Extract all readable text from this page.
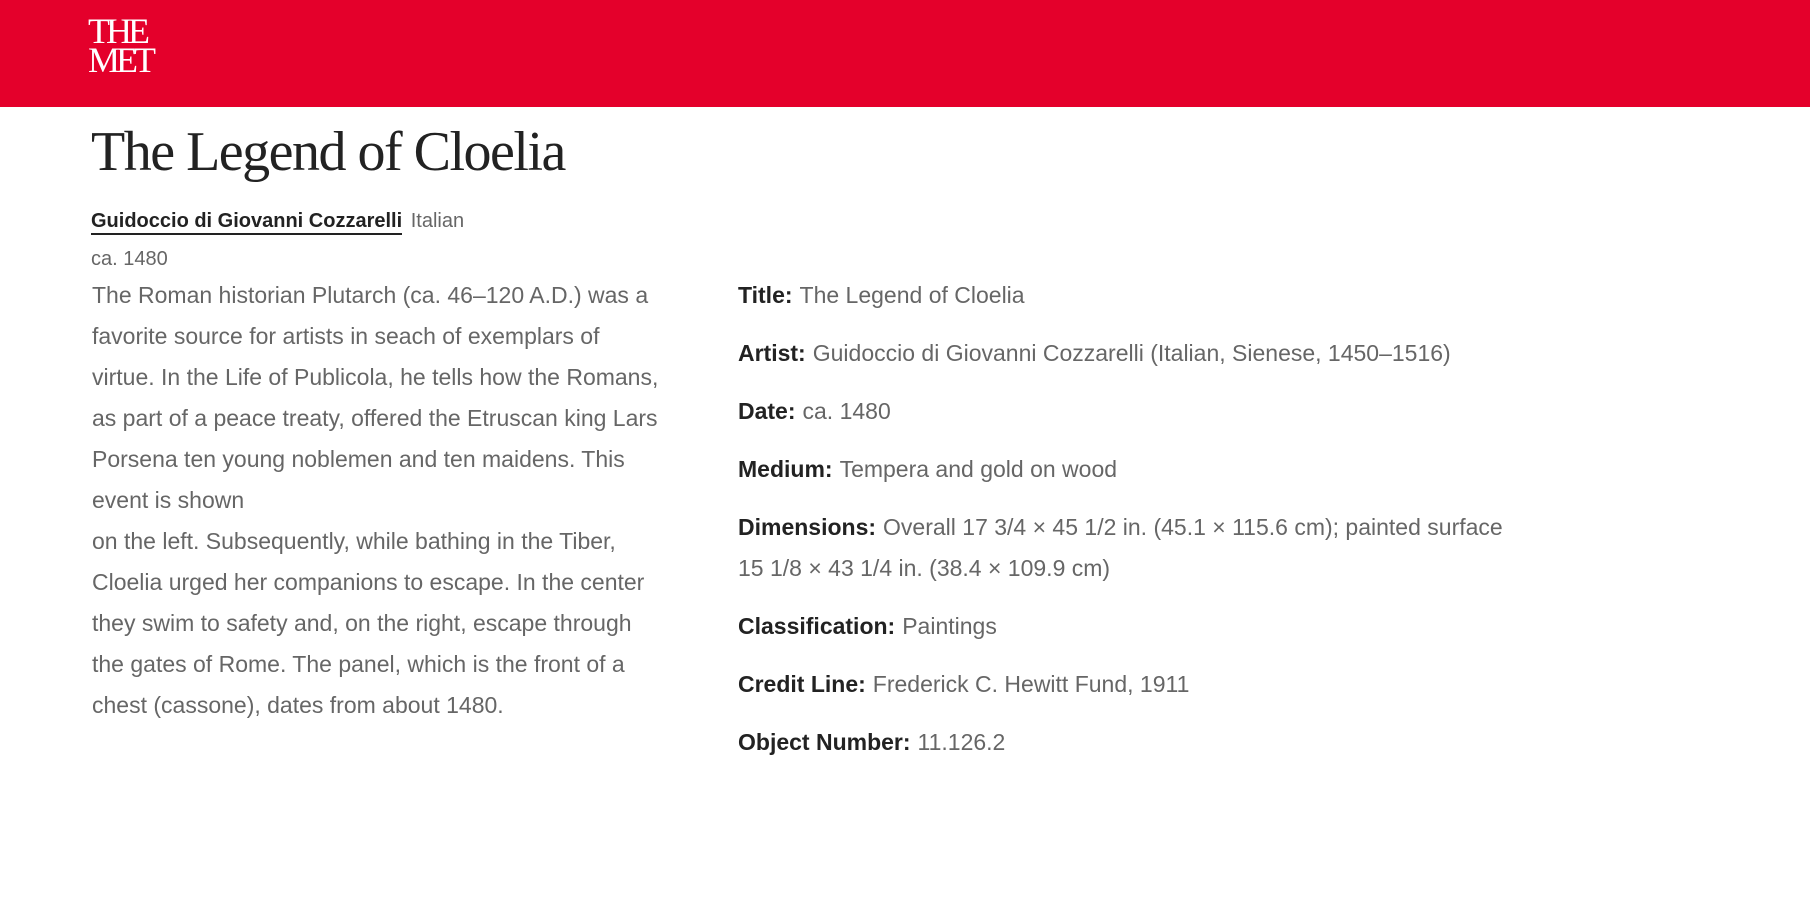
THE
MET
The Legend of Cloelia
Guidoccio di Giovanni Cozzarelli Italian
ca. 1480

The Roman historian Plutarch (ca. 46–120 A.D.) was a favorite source for artists in seach of exemplars of virtue. In the Life of Publicola, he tells how the Romans, as part of a peace treaty, offered the Etruscan king Lars Porsena ten young noblemen and ten maidens. This event is shown

on the left. Subsequently, while bathing in the Tiber, Cloelia urged her companions to escape. In the center they swim to safety and, on the right, escape through the gates of Rome. The panel, which is the front of a chest (cassone), dates from about 1480.

Title: The Legend of Cloelia
Artist: Guidoccio di Giovanni Cozzarelli (Italian, Sienese, 1450–1516)
Date: ca. 1480
Medium: Tempera and gold on wood
Dimensions: Overall 17 3/4 × 45 1/2 in. (45.1 × 115.6 cm); painted surface 15 1/8 × 43 1/4 in. (38.4 × 109.9 cm)
Classification: Paintings
Credit Line: Frederick C. Hewitt Fund, 1911
Object Number: 11.126.2
